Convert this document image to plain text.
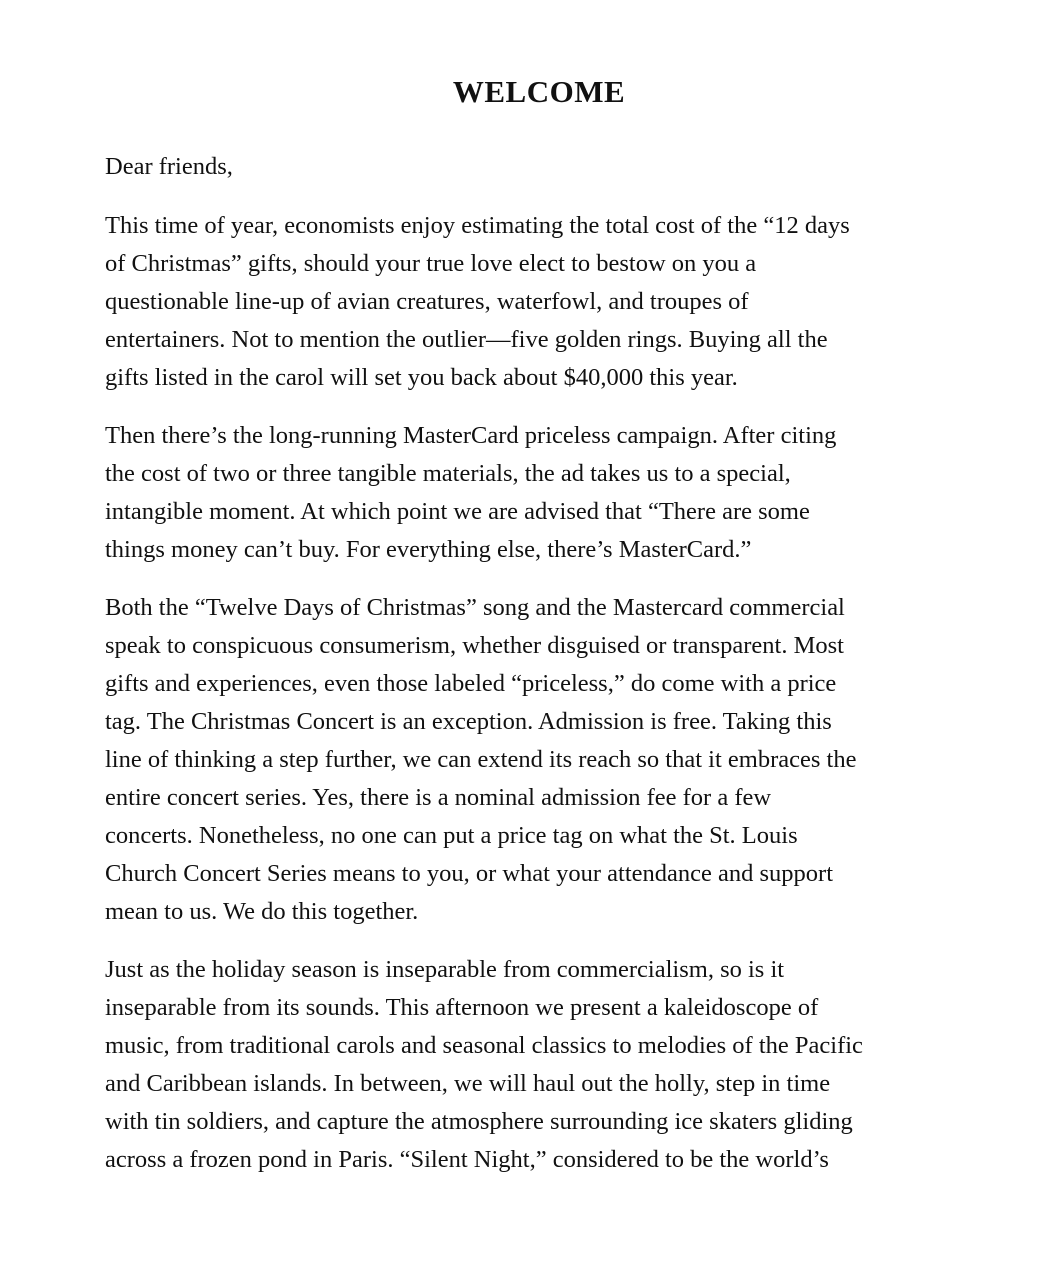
WELCOME

Dear friends,

This time of year, economists enjoy estimating the total cost of the “12 days
of Christmas” gifts, should your true love elect to bestow on you a
questionable line-up of avian creatures, waterfowl, and troupes of
entertainers. Not to mention the outlier—five golden rings. Buying all the
gifts listed in the carol will set you back about $40,000 this year.

Then there’s the long-running MasterCard priceless campaign. After citing
the cost of two or three tangible materials, the ad takes us to a special,
intangible moment. At which point we are advised that “There are some
things money can’t buy. For everything else, there’s MasterCard.”

Both the “Twelve Days of Christmas” song and the Mastercard commercial
speak to conspicuous consumerism, whether disguised or transparent. Most
gifts and experiences, even those labeled “priceless,” do come with a price
tag. The Christmas Concert is an exception. Admission is free. Taking this
line of thinking a step further, we can extend its reach so that it embraces the
entire concert series. Yes, there is a nominal admission fee for a few
concerts. Nonetheless, no one can put a price tag on what the St. Louis
Church Concert Series means to you, or what your attendance and support
mean to us. We do this together.

Just as the holiday season is inseparable from commercialism, so is it
inseparable from its sounds. This afternoon we present a kaleidoscope of
music, from traditional carols and seasonal classics to melodies of the Pacific
and Caribbean islands. In between, we will haul out the holly, step in time
with tin soldiers, and capture the atmosphere surrounding ice skaters gliding
across a frozen pond in Paris. “Silent Night,” considered to be the world’s
